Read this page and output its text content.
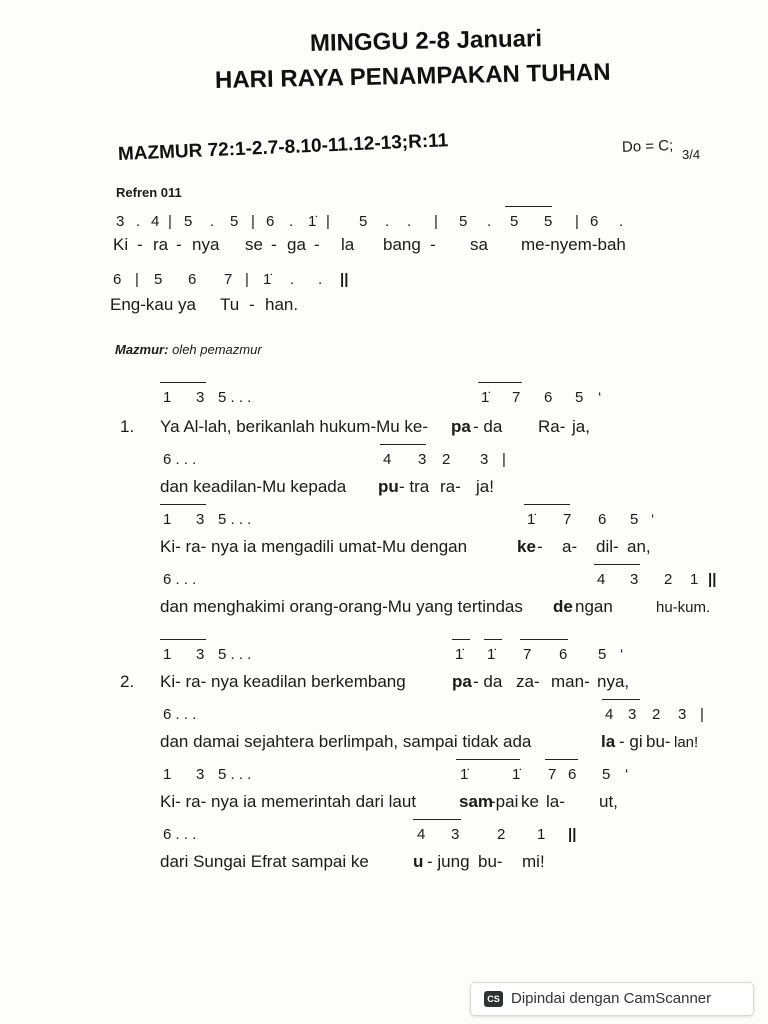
MINGGU 2-8 Januari
HARI RAYA PENAMPAKAN TUHAN
MAZMUR 72:1-2.7-8.10-11.12-13;R:11	Do = C; 3/4
Refren 011
3 . 4 | 5 . 5 | 6 . 1̇ | 5 . . | 5 . 5 5 | 6 .
Ki - ra - nya se - ga - la bang - sa me-nyem-bah
6 | 5 6 7 | 1̇ . . ||
Eng-kau ya Tu - han.
Mazmur: oleh pemazmur
1 3 5 . . .	1̇ 7 6 5 ‘
1. Ya Al-lah, berikanlah hukum-Mu ke- pa - da Ra- ja,
6 . . .	4 3 2 3 |
dan keadilan-Mu kepada pu - tra ra- ja!
1 3 5 . . .	1̇ 7 6 5 ‘
Ki- ra- nya ia mengadili umat-Mu dengan	ke - a- dil- an,
6 . . .	4 3 2 1 ||
dan menghakimi orang-orang-Mu yang tertindas de ngan	hu-kum.
1 3 5 . . .	1̇ 1̇ 7 6 5 ‘
2. Ki- ra- nya keadilan berkembang	pa - da za- man- nya,
6 . . .	4 3 2 3 |
dan damai sejahtera berlimpah, sampai tidak ada	la - gi bu- lan!
1 3 5 . . .	1̇	1̇ 7 6 5 ‘
Ki- ra- nya ia memerintah dari laut	sam
-pai ke la- ut,
6 . . .	4 3	2 1 ||
dari Sungai Efrat sampai ke	u - jung bu- mi!
CS Dipindai dengan CamScanner
